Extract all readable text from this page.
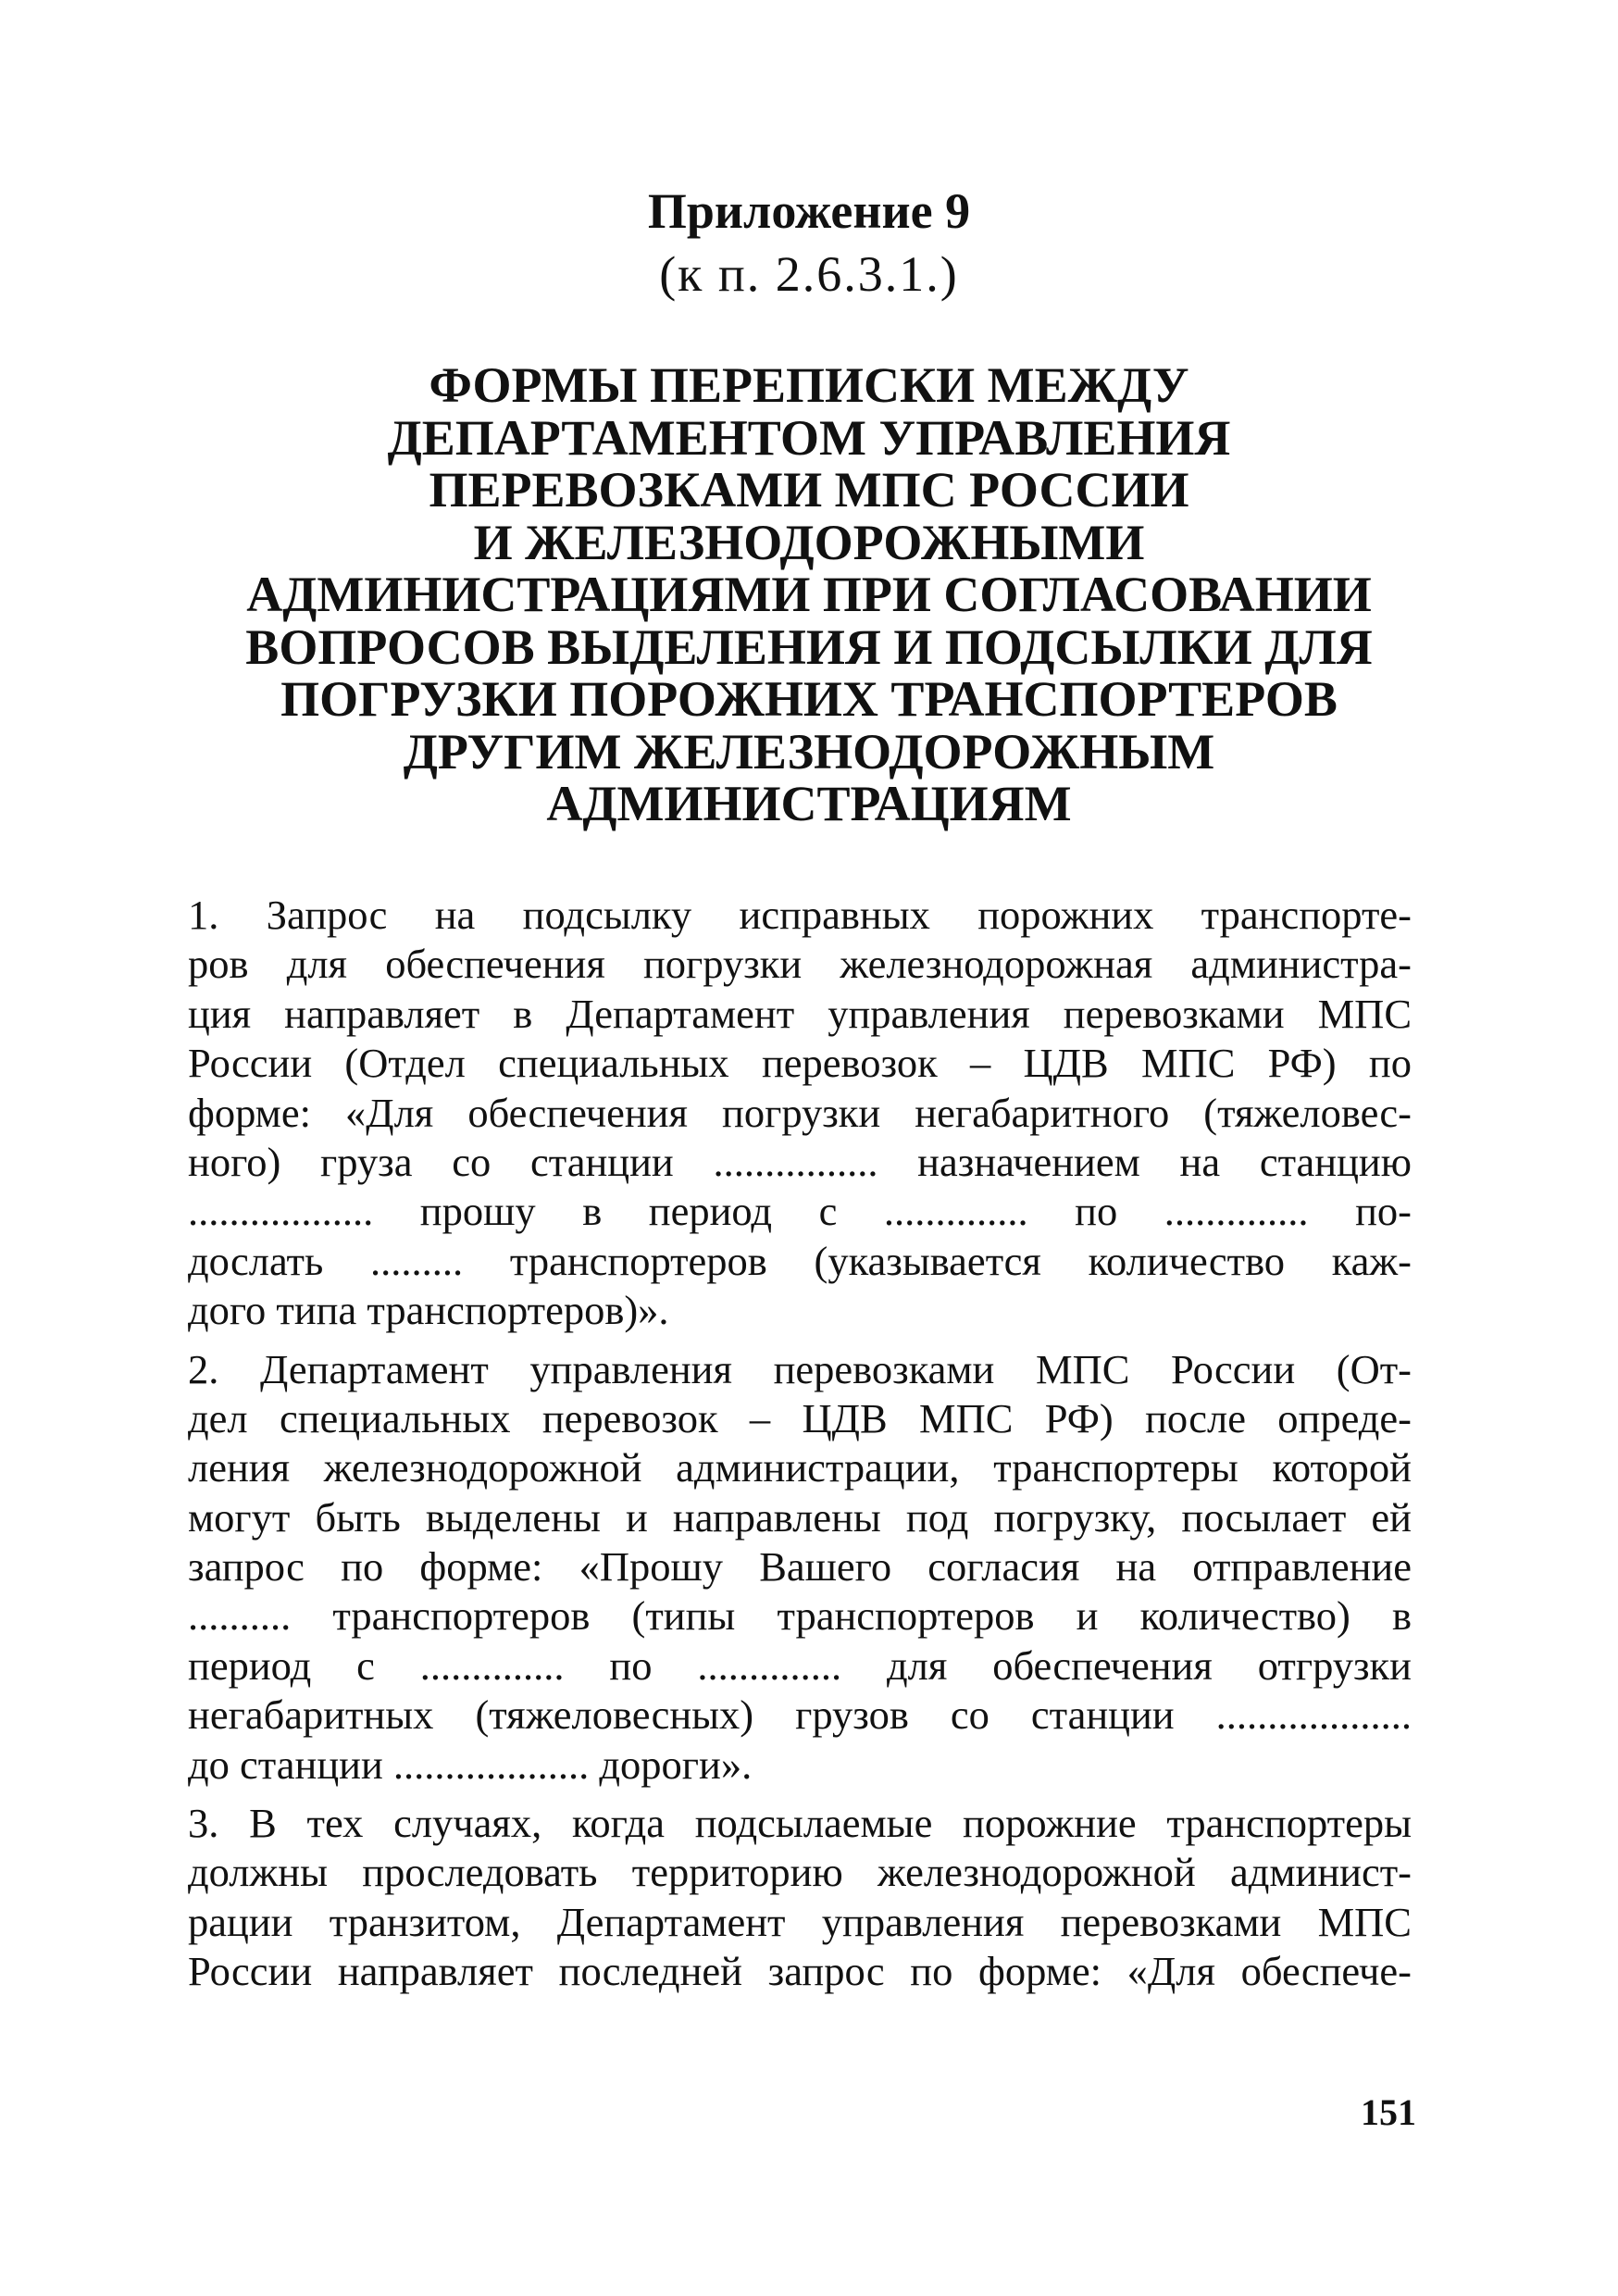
Приложение 9
(к п. 2.6.3.1.)
ФОРМЫ ПЕРЕПИСКИ МЕЖДУ
ДЕПАРТАМЕНТОМ УПРАВЛЕНИЯ
ПЕРЕВОЗКАМИ МПС РОССИИ
И ЖЕЛЕЗНОДОРОЖНЫМИ
АДМИНИСТРАЦИЯМИ ПРИ СОГЛАСОВАНИИ
ВОПРОСОВ ВЫДЕЛЕНИЯ И ПОДСЫЛКИ ДЛЯ
ПОГРУЗКИ ПОРОЖНИХ ТРАНСПОРТЕРОВ
ДРУГИМ ЖЕЛЕЗНОДОРОЖНЫМ
АДМИНИСТРАЦИЯМ
1. Запрос на подсылку исправных порожних транспорте-
ров для обеспечения погрузки железнодорожная администра-
ция направляет в Департамент управления перевозками МПС
России (Отдел специальных перевозок – ЦДВ МПС РФ) по
форме: «Для обеспечения погрузки негабаритного (тяжеловес-
ного) груза со станции ................ назначением на станцию
.................. прошу в период с .............. по .............. по-
дослать ......... транспортеров (указывается количество каж-
дого типа транспортеров)».
2. Департамент управления перевозками МПС России (От-
дел специальных перевозок – ЦДВ МПС РФ) после опреде-
ления железнодорожной администрации, транспортеры которой
могут быть выделены и направлены под погрузку, посылает ей
запрос по форме: «Прошу Вашего согласия на отправление
.......... транспортеров (типы транспортеров и количество) в
период с .............. по .............. для обеспечения отгрузки
негабаритных (тяжеловесных) грузов со станции ...................
до станции ................... дороги».
3. В тех случаях, когда подсылаемые порожние транспортеры
должны проследовать территорию железнодорожной админист-
рации транзитом, Департамент управления перевозками МПС
России направляет последней запрос по форме: «Для обеспече-
151
